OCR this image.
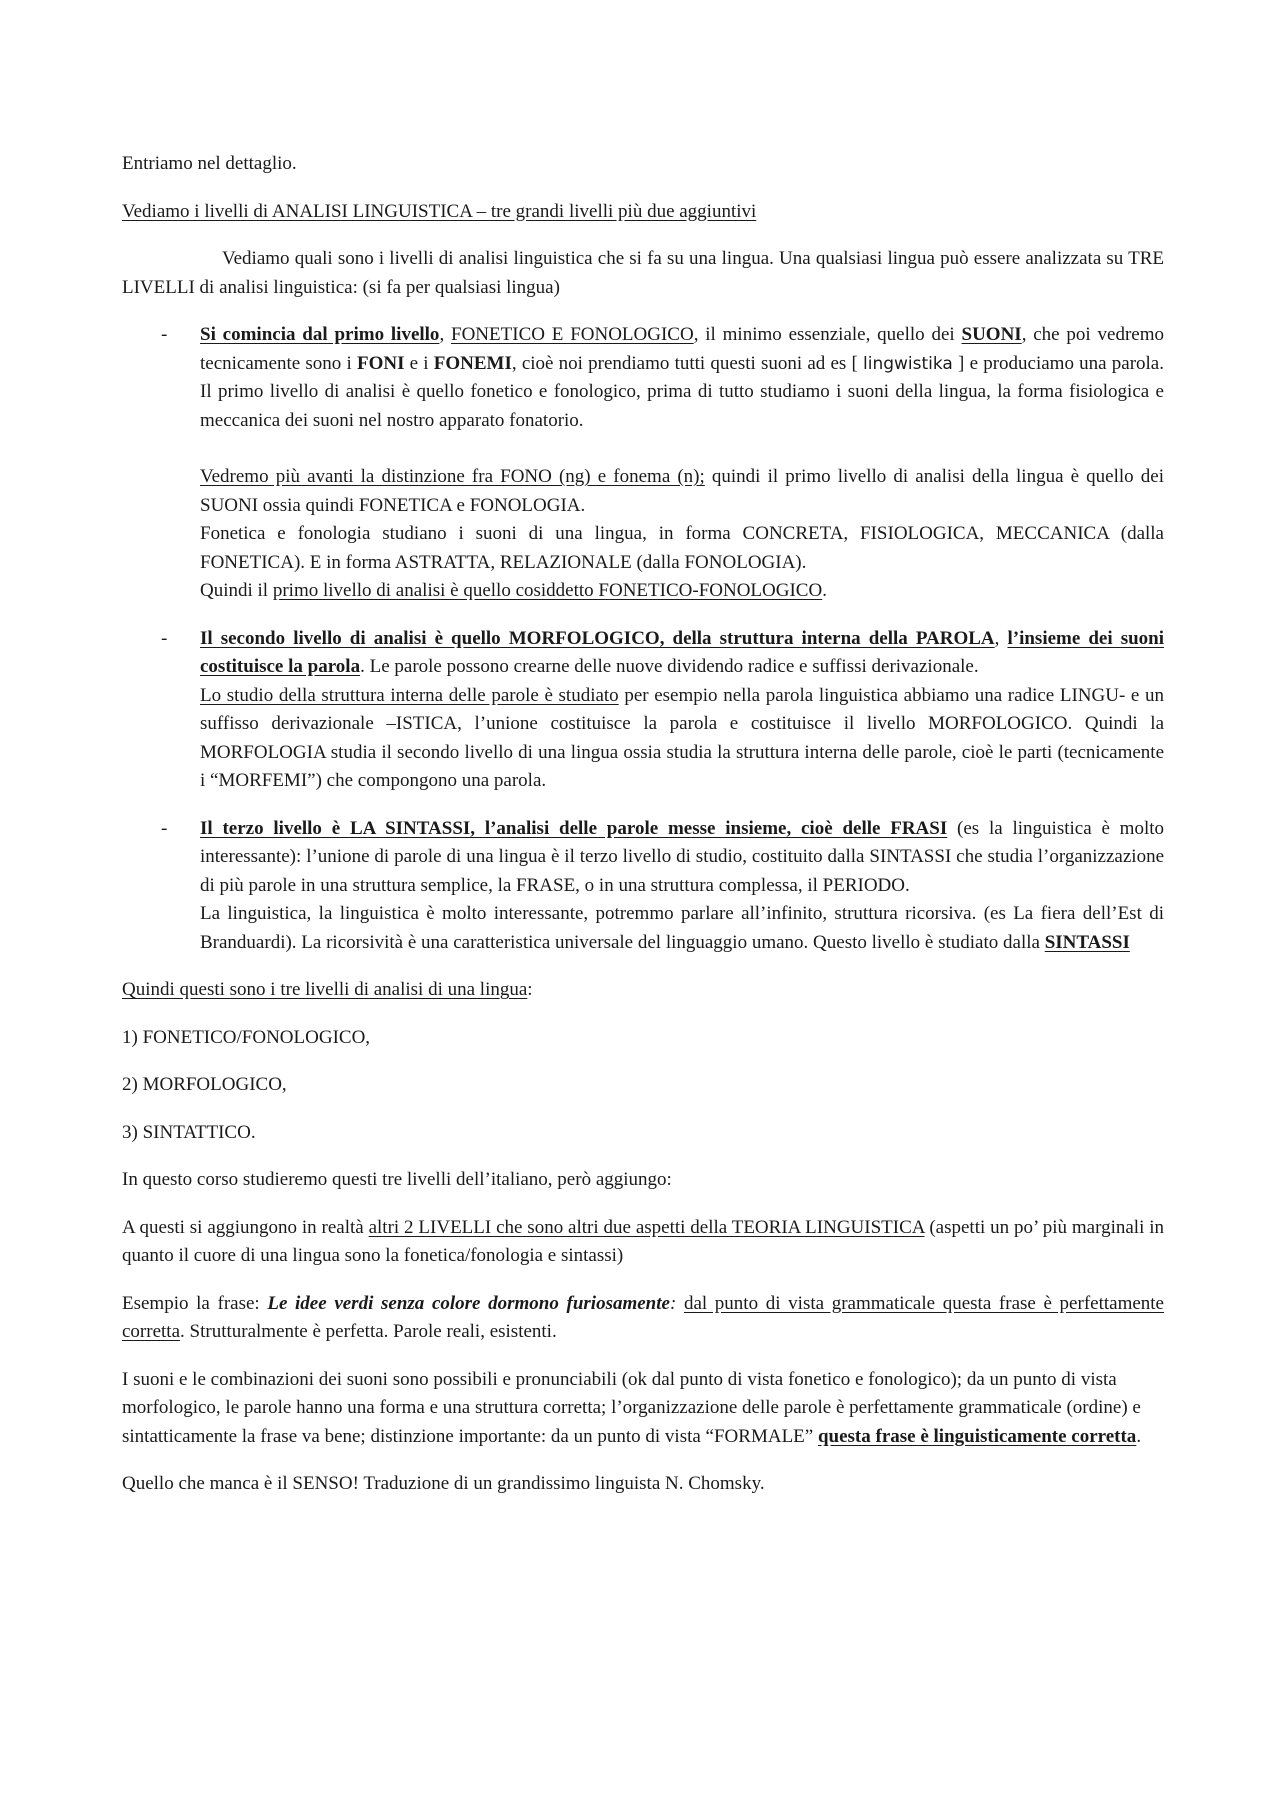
Entriamo nel dettaglio.

Vediamo i livelli di ANALISI LINGUISTICA – tre grandi livelli più due aggiuntivi

Vediamo quali sono i livelli di analisi linguistica che si fa su una lingua. Una qualsiasi lingua può essere analizzata su TRE LIVELLI di analisi linguistica: (si fa per qualsiasi lingua)

- Si comincia dal primo livello, FONETICO E FONOLOGICO, il minimo essenziale, quello dei SUONI, che poi vedremo tecnicamente sono i FONI e i FONEMI, cioè noi prendiamo tutti questi suoni ad es [ lingwistika ] e produciamo una parola. Il primo livello di analisi è quello fonetico e fonologico, prima di tutto studiamo i suoni della lingua, la forma fisiologica e meccanica dei suoni nel nostro apparato fonatorio.

Vedremo più avanti la distinzione fra FONO (ng) e fonema (n); quindi il primo livello di analisi della lingua è quello dei SUONI ossia quindi FONETICA e FONOLOGIA.

Fonetica e fonologia studiano i suoni di una lingua, in forma CONCRETA, FISIOLOGICA, MECCANICA (dalla FONETICA). E in forma ASTRATTA, RELAZIONALE (dalla FONOLOGIA).

Quindi il primo livello di analisi è quello cosiddetto FONETICO-FONOLOGICO.

- Il secondo livello di analisi è quello MORFOLOGICO, della struttura interna della PAROLA, l’insieme dei suoni costituisce la parola. Le parole possono crearne delle nuove dividendo radice e suffissi derivazionale.

Lo studio della struttura interna delle parole è studiato per esempio nella parola linguistica abbiamo una radice LINGU- e un suffisso derivazionale –ISTICA, l’unione costituisce la parola e costituisce il livello MORFOLOGICO. Quindi la MORFOLOGIA studia il secondo livello di una lingua ossia studia la struttura interna delle parole, cioè le parti (tecnicamente i “MORFEMI”) che compongono una parola.

- Il terzo livello è LA SINTASSI, l’analisi delle parole messe insieme, cioè delle FRASI (es la linguistica è molto interessante): l’unione di parole di una lingua è il terzo livello di studio, costituito dalla SINTASSI che studia l’organizzazione di più parole in una struttura semplice, la FRASE, o in una struttura complessa, il PERIODO.

La linguistica, la linguistica è molto interessante, potremmo parlare all’infinito, struttura ricorsiva. (es La fiera dell’Est di Branduardi). La ricorsività è una caratteristica universale del linguaggio umano. Questo livello è studiato dalla SINTASSI

Quindi questi sono i tre livelli di analisi di una lingua:

1) FONETICO/FONOLOGICO,

2) MORFOLOGICO,

3) SINTATTICO.

In questo corso studieremo questi tre livelli dell’italiano, però aggiungo:

A questi si aggiungono in realtà altri 2 LIVELLI che sono altri due aspetti della TEORIA LINGUISTICA (aspetti un po’ più marginali in quanto il cuore di una lingua sono la fonetica/fonologia e sintassi)

Esempio la frase: Le idee verdi senza colore dormono furiosamente: dal punto di vista grammaticale questa frase è perfettamente corretta. Strutturalmente è perfetta. Parole reali, esistenti.

I suoni e le combinazioni dei suoni sono possibili e pronunciabili (ok dal punto di vista fonetico e fonologico); da un punto di vista morfologico, le parole hanno una forma e una struttura corretta; l’organizzazione delle parole è perfettamente grammaticale (ordine) e sintatticamente la frase va bene; distinzione importante: da un punto di vista “FORMALE” questa frase è linguisticamente corretta.

Quello che manca è il SENSO! Traduzione di un grandissimo linguista N. Chomsky.
